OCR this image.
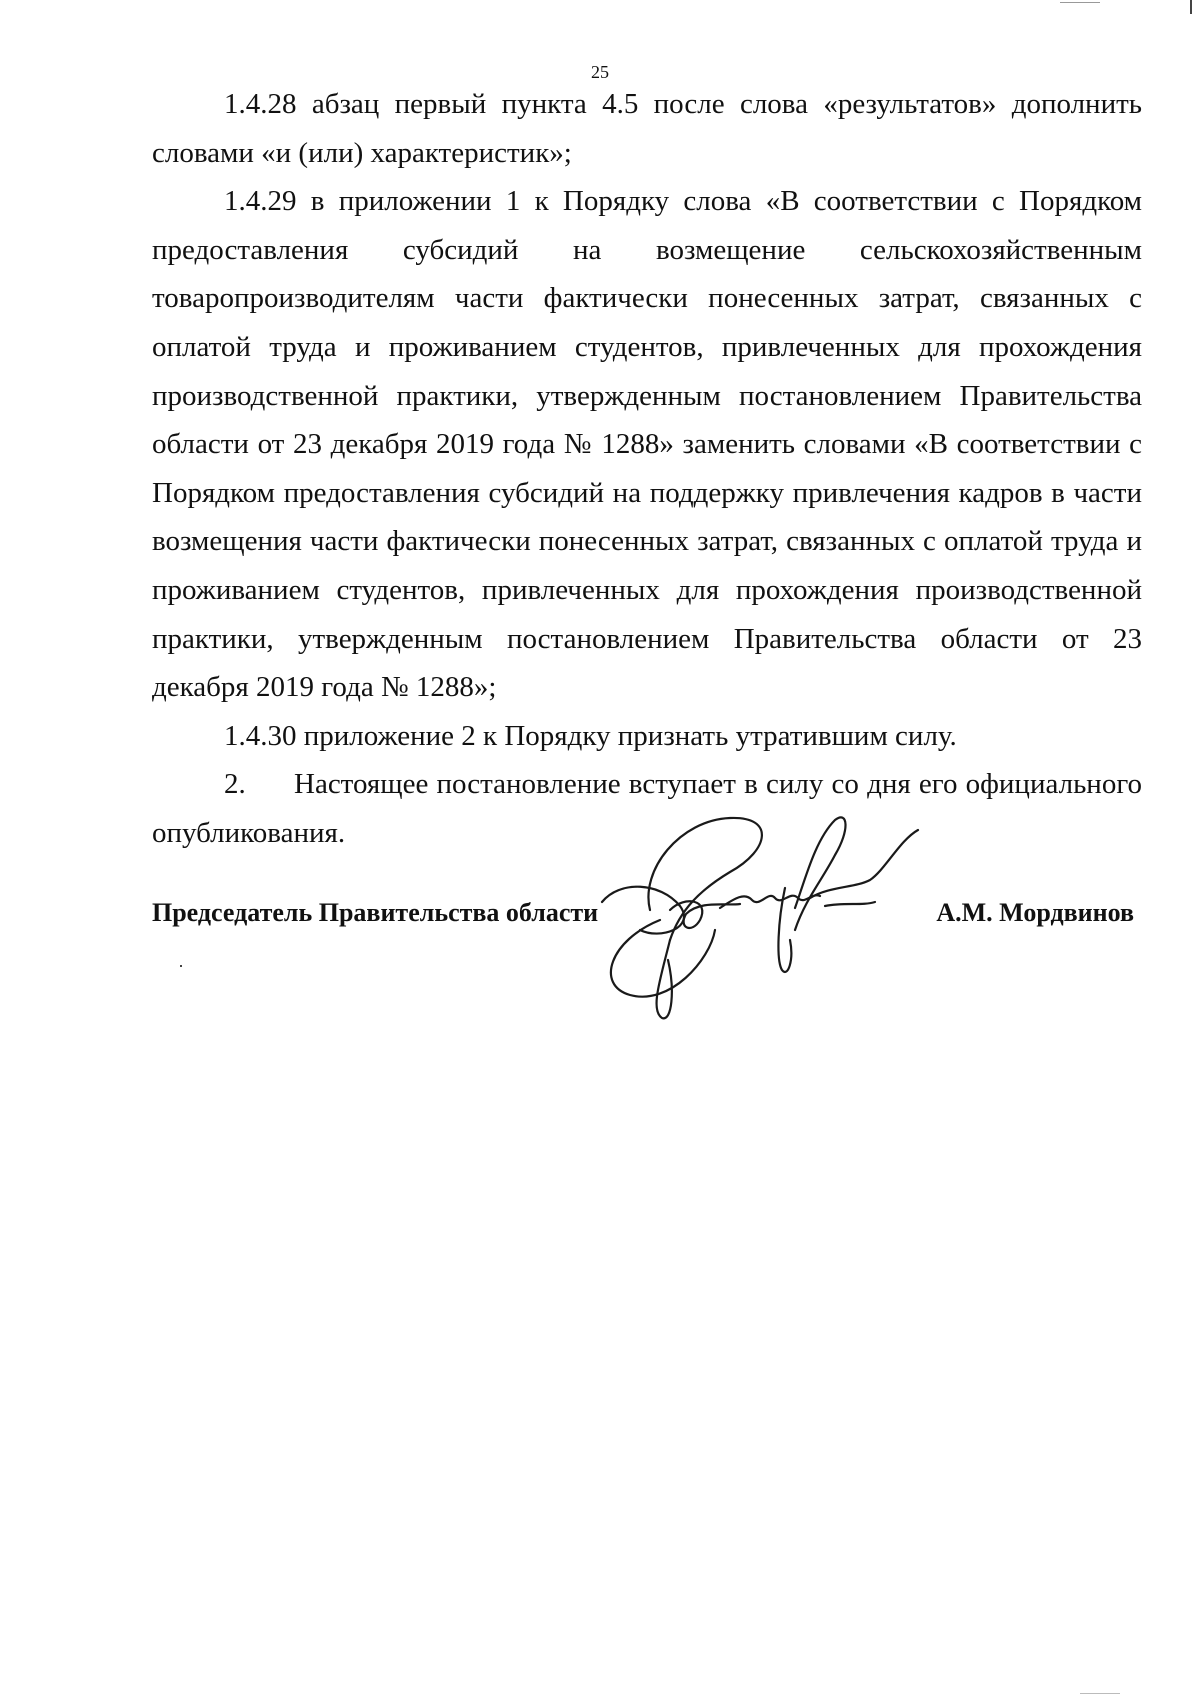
25

1.4.28 абзац первый пункта 4.5 после слова «результатов» дополнить словами «и (или) характеристик»;

1.4.29 в приложении 1 к Порядку слова «В соответствии с Порядком предоставления субсидий на возмещение сельскохозяйственным товаропроизводителям части фактически понесенных затрат, связанных с оплатой труда и проживанием студентов, привлеченных для прохождения производственной практики, утвержденным постановлением Правительства области от 23 декабря 2019 года № 1288» заменить словами «В соответствии с Порядком предоставления субсидий на поддержку привлечения кадров в части возмещения части фактически понесенных затрат, связанных с оплатой труда и проживанием студентов, привлеченных для прохождения производственной практики, утвержденным постановлением Правительства области от 23 декабря 2019 года № 1288»;

1.4.30 приложение 2 к Порядку признать утратившим силу.

2. Настоящее постановление вступает в силу со дня его официального опубликования.

Председатель Правительства области	А.М. Мордвинов
